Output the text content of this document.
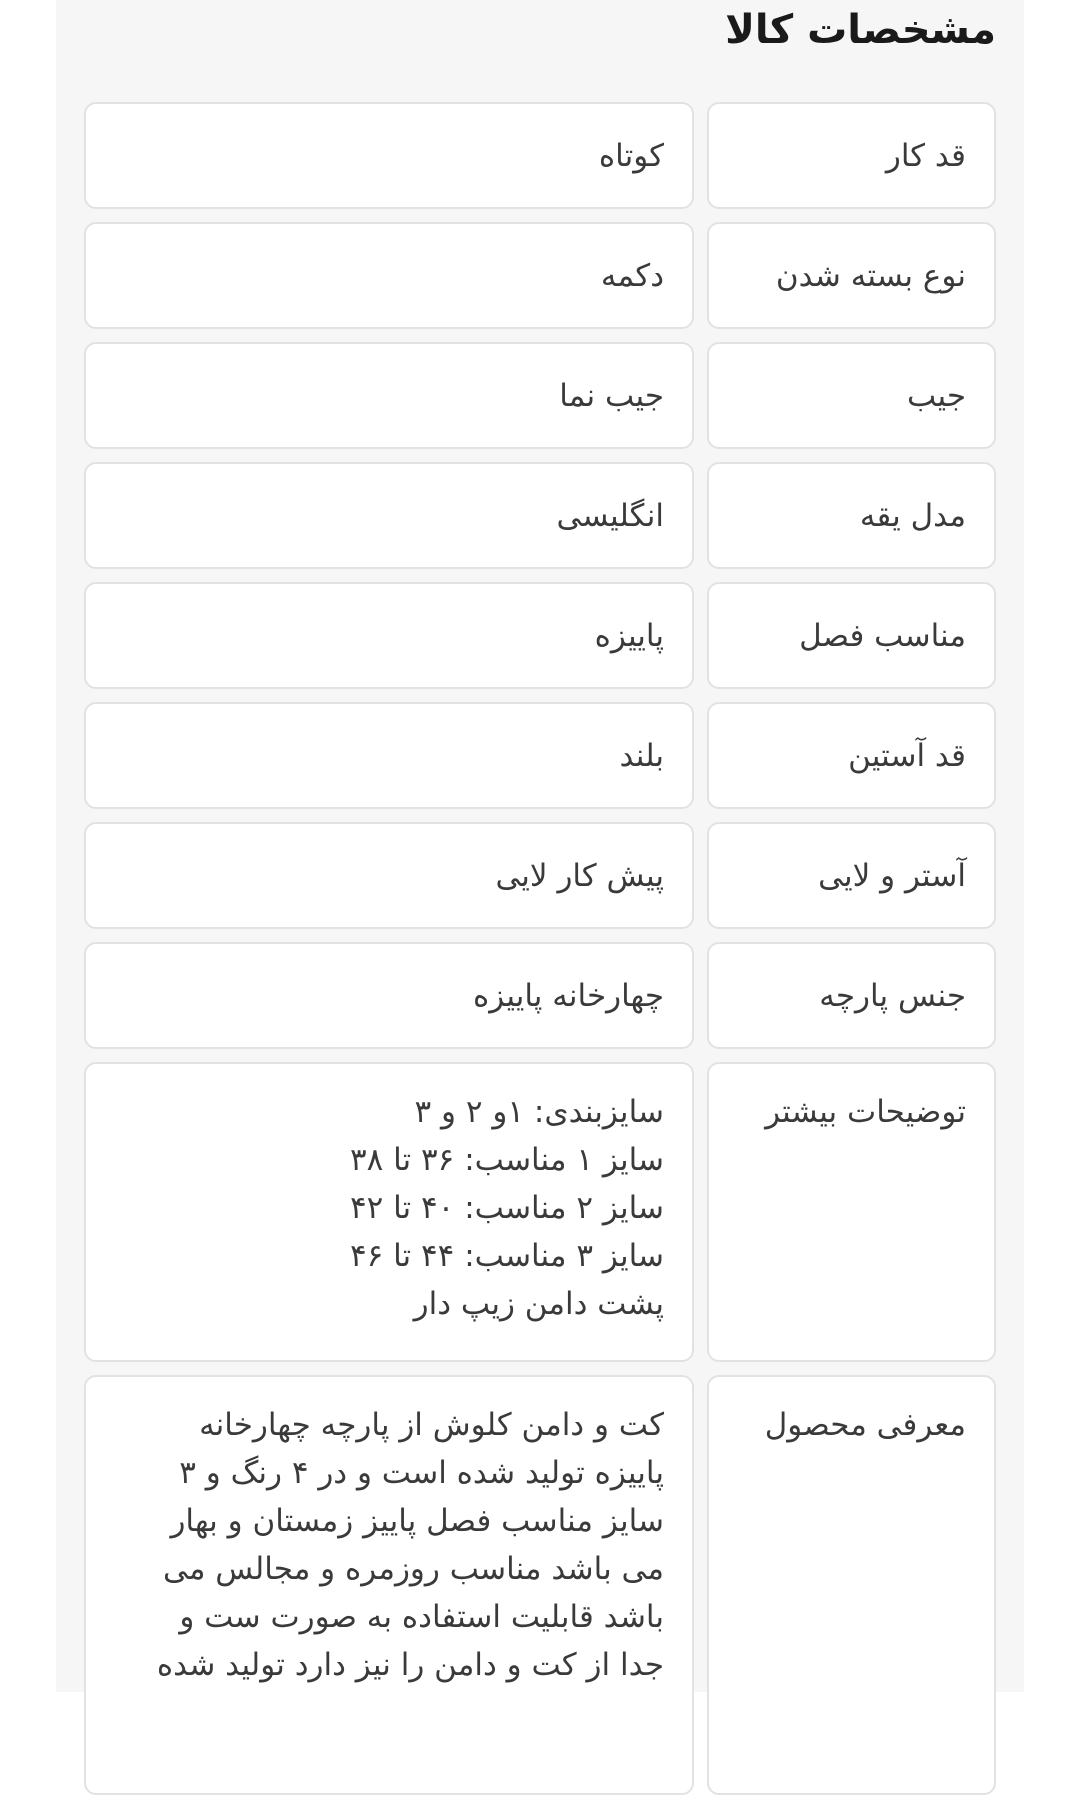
مشخصات کالا
قد کار
کوتاه
نوع بسته شدن
دکمه
جیب
جیب نما
مدل یقه
انگلیسی
مناسب فصل
پاییزه
قد آستین
بلند
آستر و لایی
پیش کار لایی
جنس پارچه
چهارخانه پاییزه
توضیحات بیشتر
سایزبندی: ۱و ۲ و ۳
سایز ۱ مناسب: ۳۶ تا ۳۸
سایز ۲ مناسب: ۴۰ تا ۴۲
سایز ۳ مناسب: ۴۴ تا ۴۶
پشت دامن زیپ دار
معرفی محصول
کت و دامن کلوش از پارچه چهارخانه
پاییزه تولید شده است و در ۴ رنگ و ۳
سایز مناسب فصل پاییز زمستان و بهار
می باشد مناسب روزمره و مجالس می
باشد قابلیت استفاده به صورت ست و
جدا از کت و دامن را نیز دارد تولید شده
